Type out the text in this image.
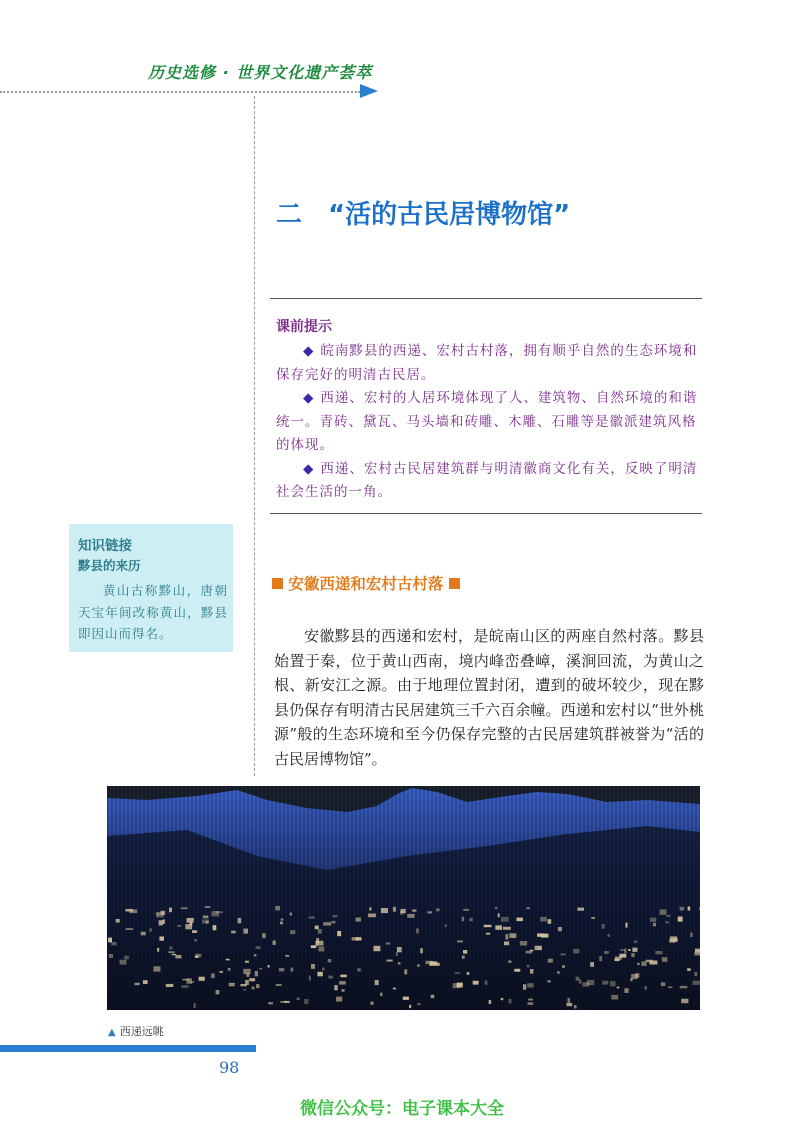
历史选修 · 世界文化遗产荟萃
二　“活的古民居博物馆”
课前提示
◆ 皖南黟县的西递、宏村古村落，拥有顺乎自然的生态环境和保存完好的明清古民居。
◆ 西递、宏村的人居环境体现了人、建筑物、自然环境的和谐统一。青砖、黛瓦、马头墙和砖雕、木雕、石雕等是徽派建筑风格的体现。
◆ 西递、宏村古民居建筑群与明清徽商文化有关，反映了明清社会生活的一角。
知识链接
黟县的来历
黄山古称黟山，唐朝天宝年间改称黄山，黟县即因山而得名。
安徽西递和宏村古村落
安徽黟县的西递和宏村，是皖南山区的两座自然村落。黟县始置于秦，位于黄山西南，境内峰峦叠嶂，溪涧回流，为黄山之根、新安江之源。由于地理位置封闭，遭到的破坏较少，现在黟县仍保存有明清古民居建筑三千六百余幢。西递和宏村以“世外桃源”般的生态环境和至今仍保存完整的古民居建筑群被誉为“活的古民居博物馆”。
▲ 西递远眺
98
微信公众号：电子课本大全
